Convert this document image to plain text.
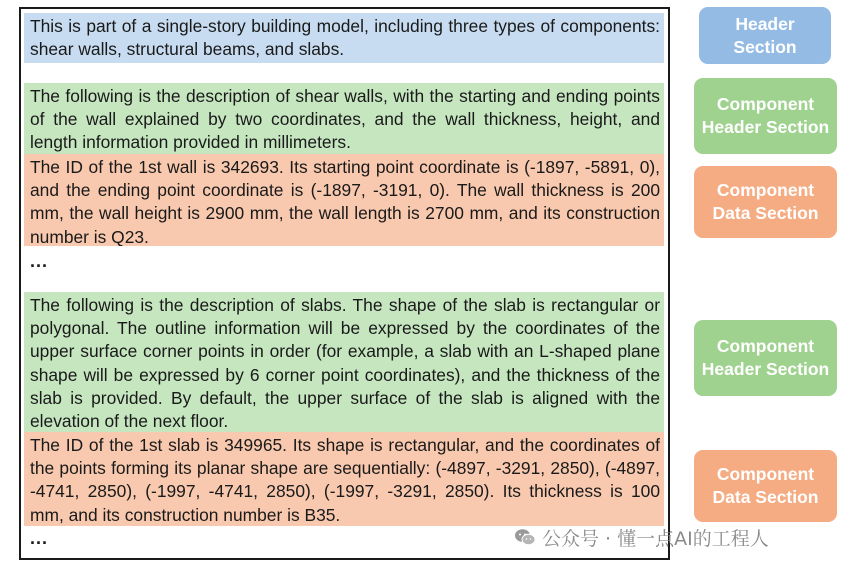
This is part of a single-story building model, including three types of components: shear walls, structural beams, and slabs.
The following is the description of shear walls, with the starting and ending points of the wall explained by two coordinates, and the wall thickness, height, and length information provided in millimeters.
The ID of the 1st wall is 342693. Its starting point coordinate is (-1897, -5891, 0), and the ending point coordinate is (-1897, -3191, 0). The wall thickness is 200 mm, the wall height is 2900 mm, the wall length is 2700 mm, and its construction number is Q23.
...
The following is the description of slabs. The shape of the slab is rectangular or polygonal. The outline information will be expressed by the coordinates of the upper surface corner points in order (for example, a slab with an L-shaped plane shape will be expressed by 6 corner point coordinates), and the thickness of the slab is provided. By default, the upper surface of the slab is aligned with the elevation of the next floor.
The ID of the 1st slab is 349965. Its shape is rectangular, and the coordinates of the points forming its planar shape are sequentially: (-4897, -3291, 2850), (-4897, -4741, 2850), (-1997, -4741, 2850), (-1997, -3291, 2850). Its thickness is 100 mm, and its construction number is B35.
...
Header Section
Component Header Section
Component Data Section
Component Header Section
Component Data Section
公众号 · 懂一点AI的工程人
